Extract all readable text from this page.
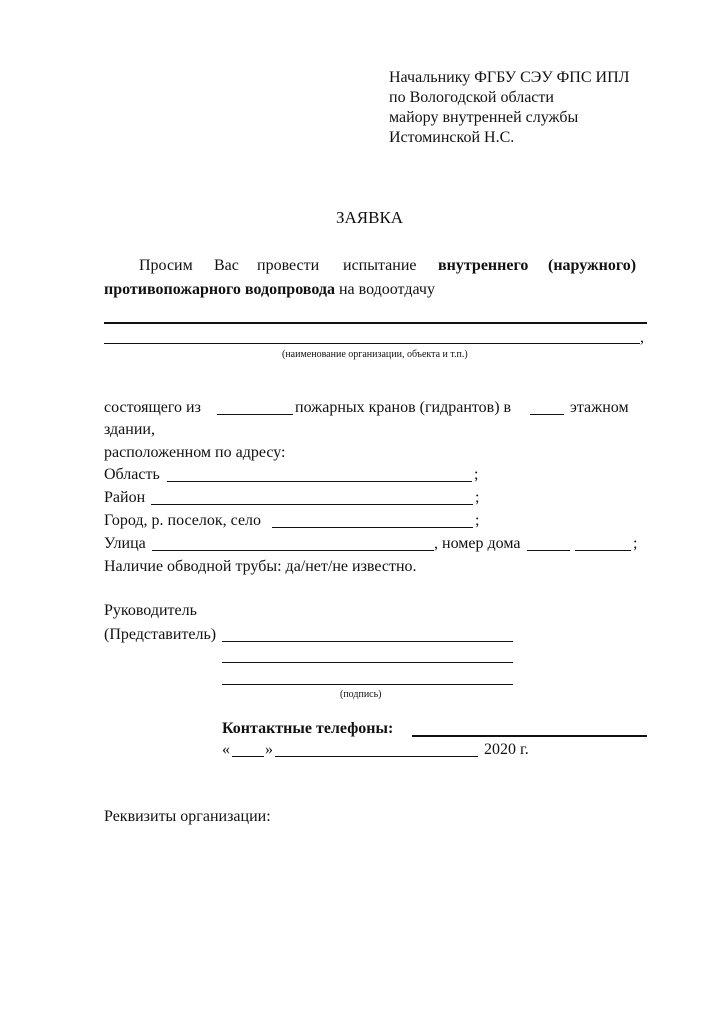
Начальнику ФГБУ СЭУ ФПС ИПЛ
по Вологодской области
майору внутренней службы
Истоминской Н.С.
ЗАЯВКА
Просим Вас провести испытание внутреннего (наружного)
противопожарного водопровода на водоотдачу
,
(наименование организации, объекта и т.п.)
состоящего из	пожарных кранов (гидрантов) в	этажном
здании,
расположенном по адресу:
Область	;
Район	;
Город, р. поселок, село	;
Улица	, номер дома	;
Наличие обводной трубы: да/нет/не известно.
Руководитель
(Представитель)
(подпись)
Контактные телефоны:
« »	2020 г.
Реквизиты организации:
